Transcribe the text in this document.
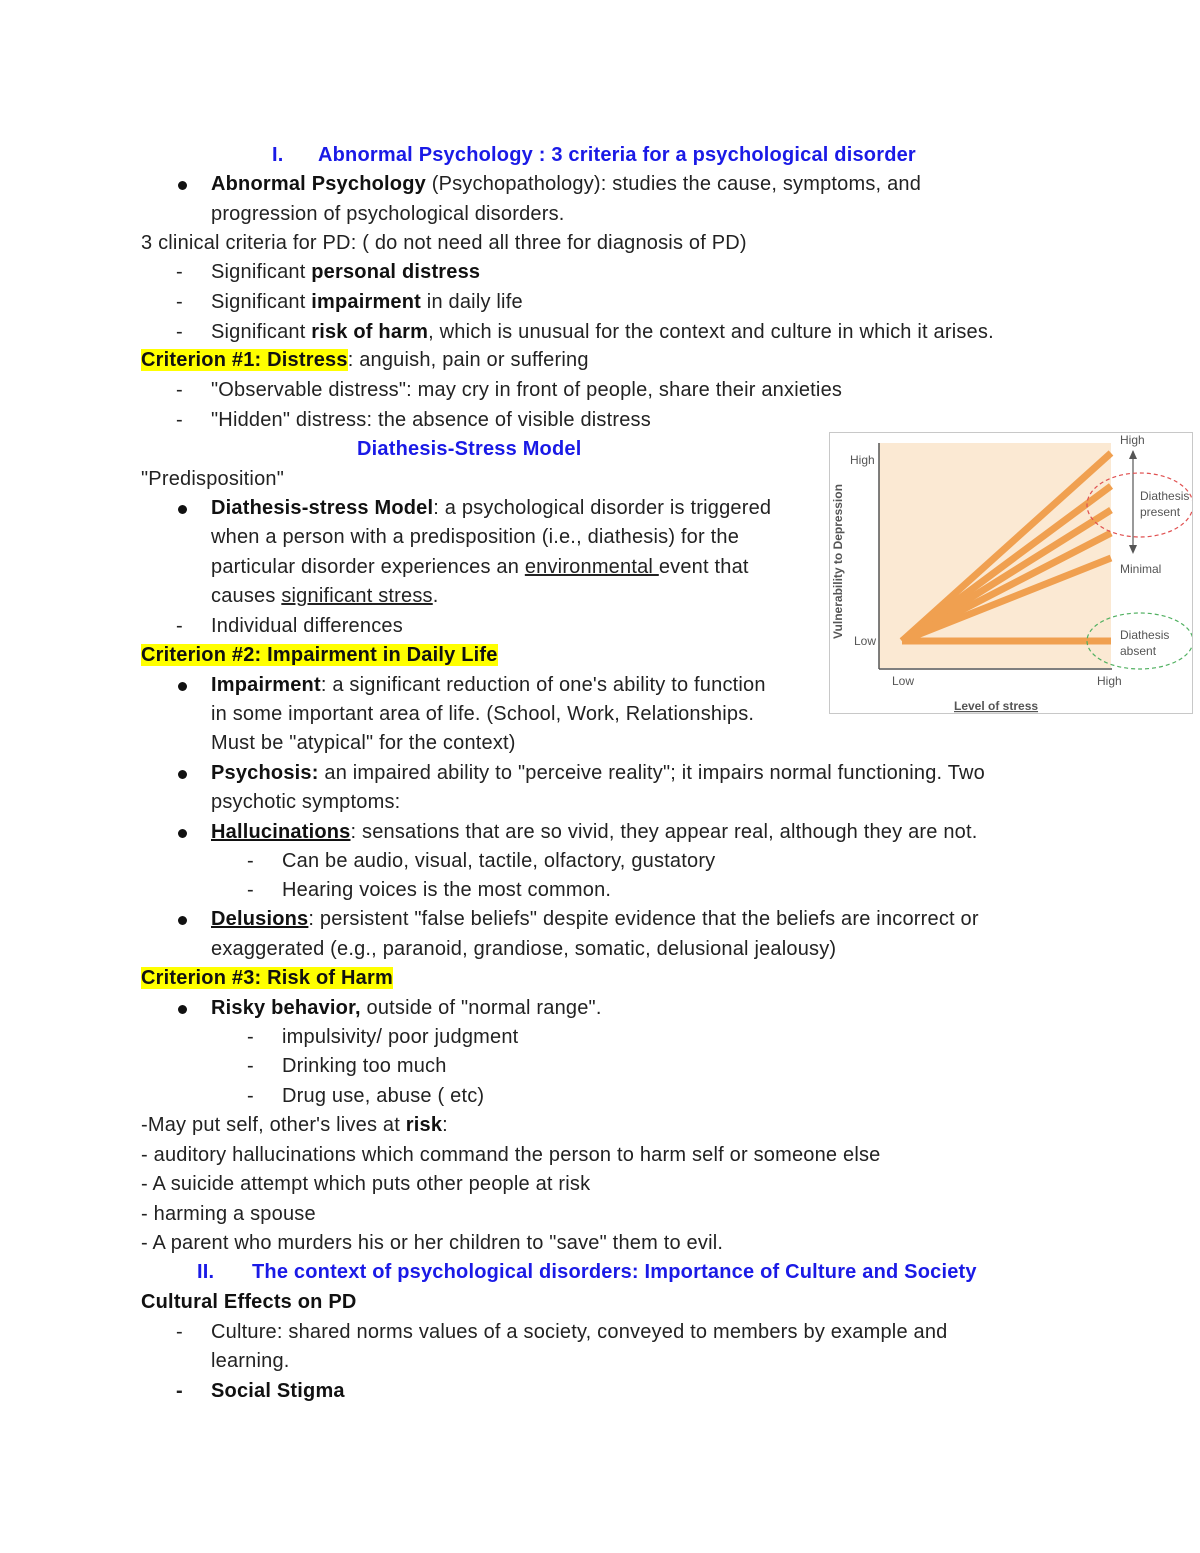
I. Abnormal Psychology : 3 criteria for a psychological disorder
Abnormal Psychology (Psychopathology): studies the cause, symptoms, and
progression of psychological disorders.
3 clinical criteria for PD: ( do not need all three for diagnosis of PD)
- Significant personal distress
- Significant impairment in daily life
- Significant risk of harm, which is unusual for the context and culture in which it arises.
Criterion #1: Distress: anguish, pain or suffering
- "Observable distress": may cry in front of people, share their anxieties
- "Hidden" distress: the absence of visible distress
Diathesis-Stress Model
"Predisposition"
Diathesis-stress Model: a psychological disorder is triggered
when a person with a predisposition (i.e., diathesis) for the
particular disorder experiences an environmental event that
causes significant stress.
- Individual differences
Criterion #2: Impairment in Daily Life
Impairment: a significant reduction of one's ability to function
in some important area of life. (School, Work, Relationships.
Must be "atypical" for the context)
Psychosis: an impaired ability to "perceive reality"; it impairs normal functioning. Two
psychotic symptoms:
Hallucinations: sensations that are so vivid, they appear real, although they are not.
- Can be audio, visual, tactile, olfactory, gustatory
- Hearing voices is the most common.
Delusions: persistent "false beliefs" despite evidence that the beliefs are incorrect or
exaggerated (e.g., paranoid, grandiose, somatic, delusional jealousy)
Criterion #3: Risk of Harm
Risky behavior, outside of "normal range".
- impulsivity/ poor judgment
- Drinking too much
- Drug use, abuse ( etc)
-May put self, other's lives at risk:
- auditory hallucinations which command the person to harm self or someone else
- A suicide attempt which puts other people at risk
- harming a spouse
- A parent who murders his or her children to "save" them to evil.
II. The context of psychological disorders: Importance of Culture and Society
Cultural Effects on PD
- Culture: shared norms values of a society, conveyed to members by example and
learning.
- Social Stigma
Vulnerability to Depression
High
Low
Low	High
Level of stress
High
Minimal
Diathesis
present
Diathesis
absent
